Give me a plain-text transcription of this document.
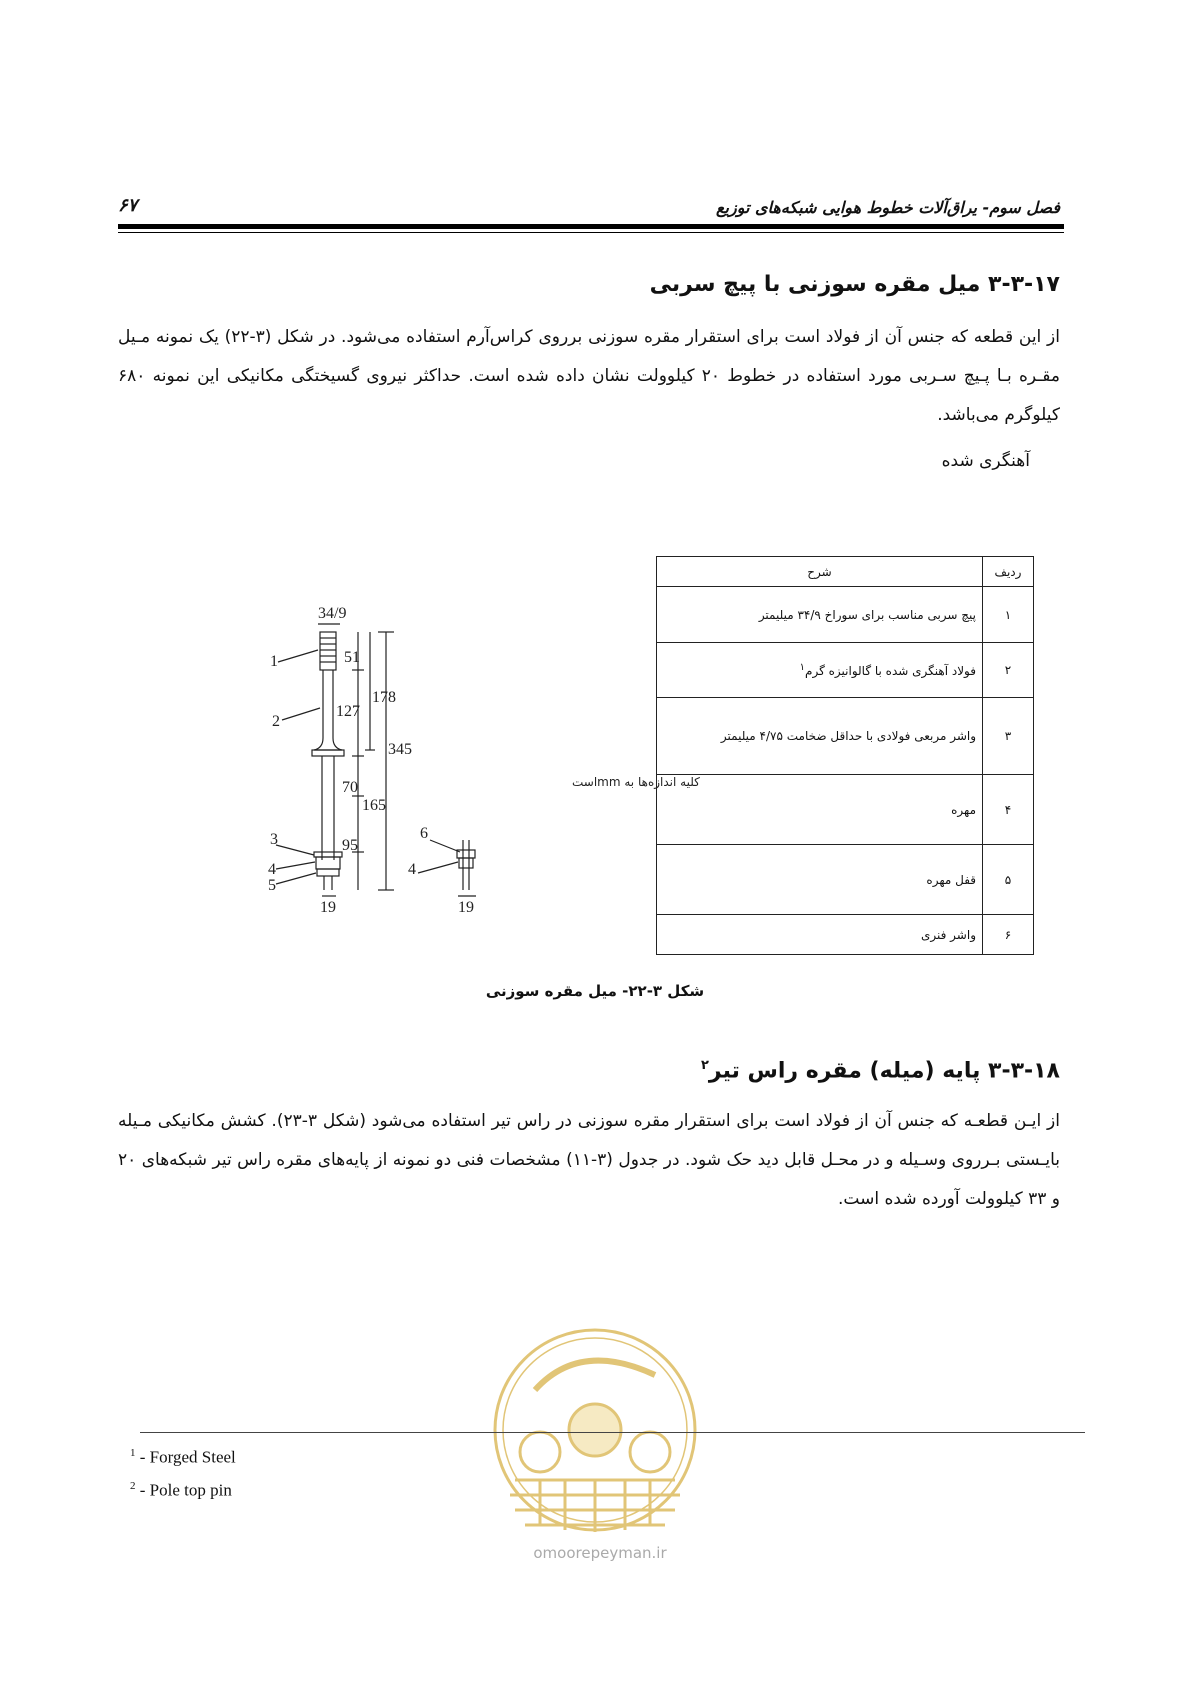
فصل سوم- یراق‌آلات خطوط هوایی شبکه‌های توزیع
۶۷
۳-۳-۱۷ میل مقره سوزنی با پیچ سربی
از این قطعه که جنس آن از فولاد است برای استقرار مقره سوزنی برروی کراس‌آرم استفاده می‌شود. در شکل (۳-۲۲) یک نمونه مـیل مقـره بـا پـیچ سـربی مورد استفاده در خطوط ۲۰ کیلوولت نشان داده شده است. حداکثر نیروی گسیختگی مکانیکی این نمونه ۶۸۰ کیلوگرم می‌باشد.
آهنگری شده
34/9
51
178
127
345
70
165
95
19	19
1
2
3
4
5
6
4
کلیه اندازه‌ها به mmاست
ردیف	شرح
۱	پیچ سربی مناسب برای سوراخ ۳۴/۹ میلیمتر
۲	فولاد آهنگری شده با گالوانیزه گرم$^۱$
۳	واشر مربعی فولادی با حداقل ضخامت ۴/۷۵ میلیمتر
۴	مهره
۵	قفل مهره
۶	واشر فنری
شکل ۳-۲۲- میل مقره سوزنی
۳-۳-۱۸ پایه (میله) مقره راس تیر$^۲$
از ایـن قطعـه که جنس آن از فولاد است برای استقرار مقره سوزنی در راس تیر استفاده می‌شود (شکل ۳-۲۳). کشش مکانیکی مـیله بایـستی بـرروی وسـیله و در محـل قابل دید حک شود. در جدول (۳-۱۱) مشخصات فنی دو نمونه از پایه‌های مقره راس تیر شبکه‌های ۲۰ و ۳۳ کیلوولت آورده شده است.
omoorepeyman.ir
$^1$ - Forged Steel
$^2$ - Pole top pin
